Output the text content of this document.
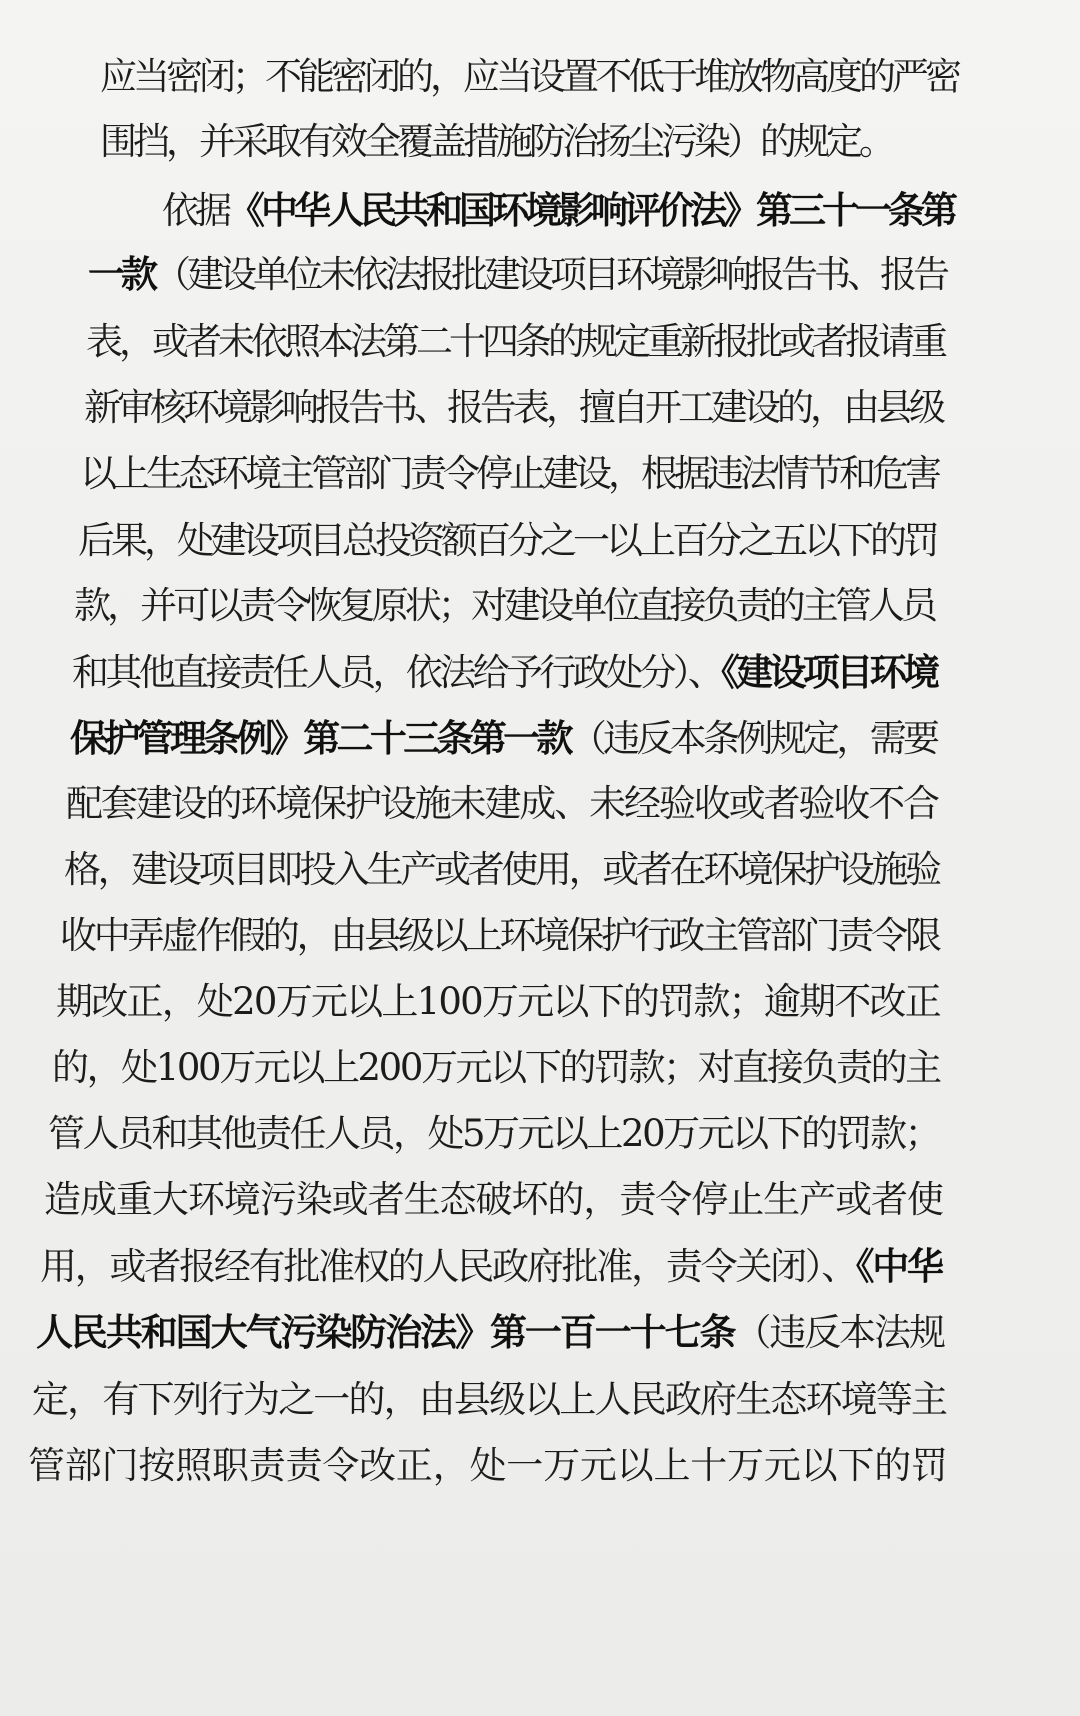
应当密闭；不能密闭的，应当设置不低于堆放物高度的严密
围挡，并采取有效全覆盖措施防治扬尘污染）的规定。
依据《中华人民共和国环境影响评价法》第三十一条第
一款（建设单位未依法报批建设项目环境影响报告书、报告
表，或者未依照本法第二十四条的规定重新报批或者报请重
新审核环境影响报告书、报告表，擅自开工建设的，由县级
以上生态环境主管部门责令停止建设，根据违法情节和危害
后果，处建设项目总投资额百分之一以上百分之五以下的罚
款，并可以责令恢复原状；对建设单位直接负责的主管人员
和其他直接责任人员，依法给予行政处分）、《建设项目环境
保护管理条例》第二十三条第一款（违反本条例规定，需要
配套建设的环境保护设施未建成、未经验收或者验收不合
格，建设项目即投入生产或者使用，或者在环境保护设施验
收中弄虚作假的，由县级以上环境保护行政主管部门责令限
期改正，处20万元以上100万元以下的罚款；逾期不改正
的，处100万元以上200万元以下的罚款；对直接负责的主
管人员和其他责任人员，处5万元以上20万元以下的罚款；
造成重大环境污染或者生态破坏的，责令停止生产或者使
用，或者报经有批准权的人民政府批准，责令关闭）、《中华
人民共和国大气污染防治法》第一百一十七条（违反本法规
定，有下列行为之一的，由县级以上人民政府生态环境等主
管部门按照职责责令改正，处一万元以上十万元以下的罚
